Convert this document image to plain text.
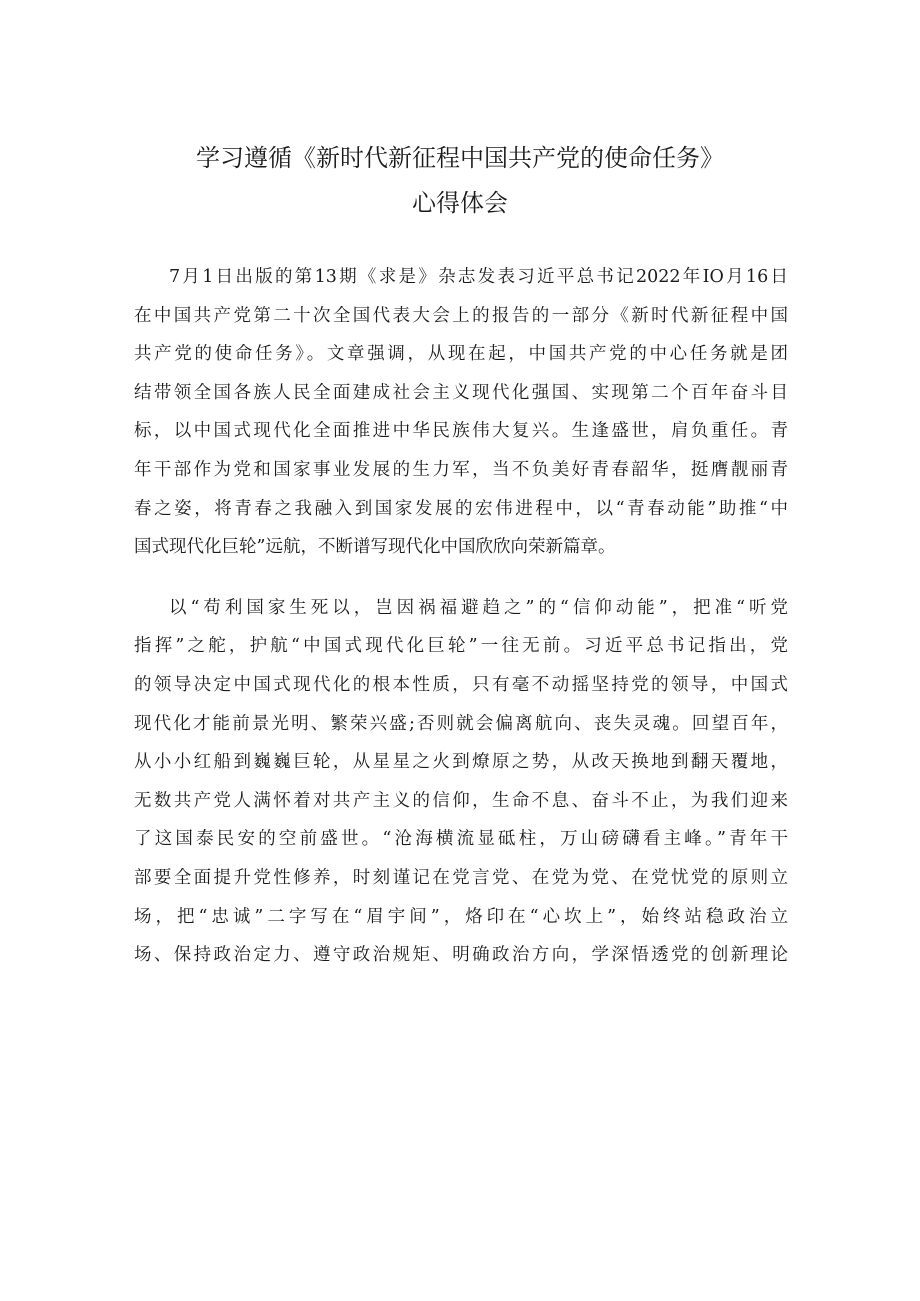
学习遵循《新时代新征程中国共产党的使命任务》
心得体会

7月1日出版的第13期《求是》杂志发表习近平总书记2022年IO月16日
在中国共产党第二十次全国代表大会上的报告的一部分《新时代新征程中国
共产党的使命任务》。文章强调，从现在起，中国共产党的中心任务就是团
结带领全国各族人民全面建成社会主义现代化强国、实现第二个百年奋斗目
标，以中国式现代化全面推进中华民族伟大复兴。生逢盛世，肩负重任。青
年干部作为党和国家事业发展的生力军，当不负美好青春韶华，挺膺靓丽青
春之姿，将青春之我融入到国家发展的宏伟进程中，以“青春动能”助推“中
国式现代化巨轮”远航，不断谱写现代化中国欣欣向荣新篇章。

以“苟利国家生死以，岂因祸福避趋之”的“信仰动能”，把准“听党
指挥”之舵，护航“中国式现代化巨轮”一往无前。习近平总书记指出，党
的领导决定中国式现代化的根本性质，只有毫不动摇坚持党的领导，中国式
现代化才能前景光明、繁荣兴盛;否则就会偏离航向、丧失灵魂。回望百年，
从小小红船到巍巍巨轮，从星星之火到燎原之势，从改天换地到翻天覆地，
无数共产党人满怀着对共产主义的信仰，生命不息、奋斗不止，为我们迎来
了这国泰民安的空前盛世。“沧海横流显砥柱，万山磅礴看主峰。”青年干
部要全面提升党性修养，时刻谨记在党言党、在党为党、在党忧党的原则立
场，把“忠诚”二字写在“眉宇间”，烙印在“心坎上”，始终站稳政治立
场、保持政治定力、遵守政治规矩、明确政治方向，学深悟透党的创新理论
